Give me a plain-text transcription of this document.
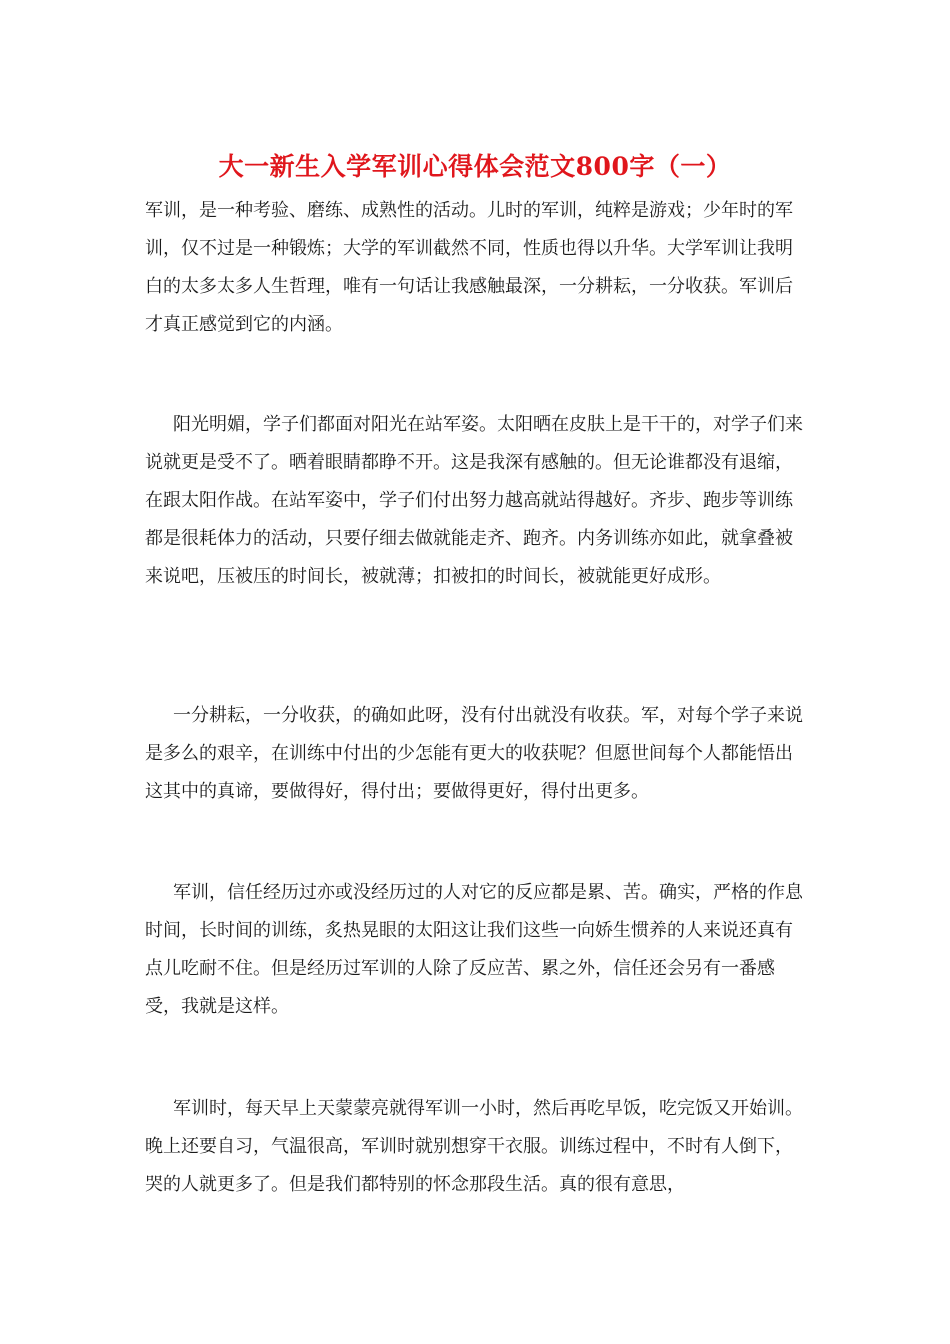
大一新生入学军训心得体会范文800字（一）

军训，是一种考验、磨练、成熟性的活动。儿时的军训，纯粹是游戏；少年时的军训，仅不过是一种锻炼；大学的军训截然不同，性质也得以升华。大学军训让我明白的太多太多人生哲理，唯有一句话让我感触最深，一分耕耘，一分收获。军训后才真正感觉到它的内涵。

阳光明媚，学子们都面对阳光在站军姿。太阳晒在皮肤上是干干的，对学子们来说就更是受不了。晒着眼睛都睁不开。这是我深有感触的。但无论谁都没有退缩，在跟太阳作战。在站军姿中，学子们付出努力越高就站得越好。齐步、跑步等训练都是很耗体力的活动，只要仔细去做就能走齐、跑齐。内务训练亦如此，就拿叠被来说吧，压被压的时间长，被就薄；扣被扣的时间长，被就能更好成形。

一分耕耘，一分收获，的确如此呀，没有付出就没有收获。军，对每个学子来说是多么的艰辛，在训练中付出的少怎能有更大的收获呢？但愿世间每个人都能悟出这其中的真谛，要做得好，得付出；要做得更好，得付出更多。

军训，信任经历过亦或没经历过的人对它的反应都是累、苦。确实，严格的作息时间，长时间的训练，炙热晃眼的太阳这让我们这些一向娇生惯养的人来说还真有点儿吃耐不住。但是经历过军训的人除了反应苦、累之外，信任还会另有一番感受，我就是这样。

军训时，每天早上天蒙蒙亮就得军训一小时，然后再吃早饭，吃完饭又开始训。晚上还要自习，气温很高，军训时就别想穿干衣服。训练过程中，不时有人倒下，哭的人就更多了。但是我们都特别的怀念那段生活。真的很有意思，
